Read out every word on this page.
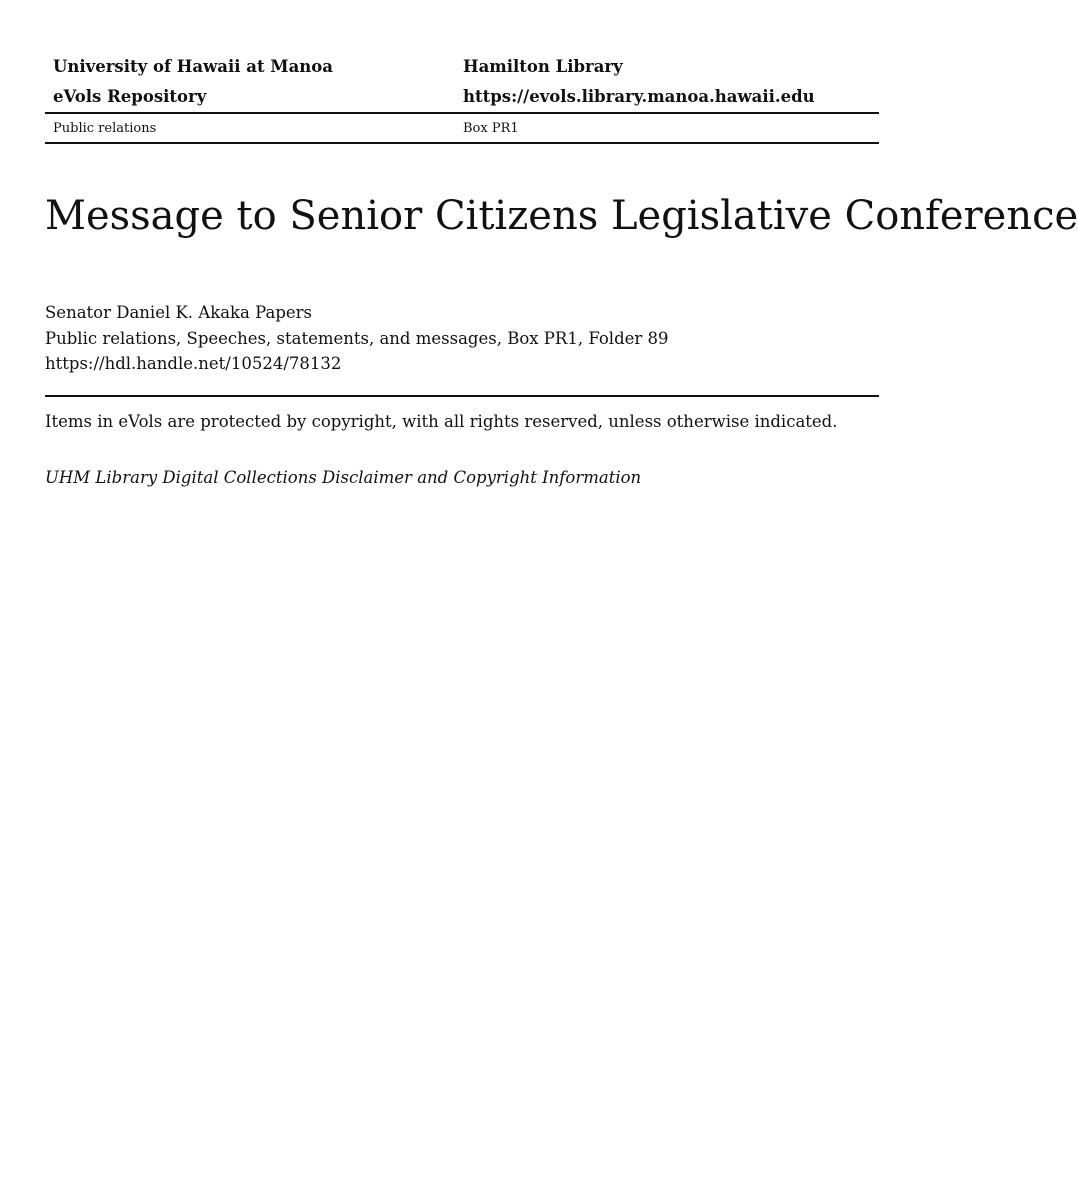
University of Hawaii at Manoa	Hamilton Library
eVols Repository	https://evols.library.manoa.hawaii.edu
Public relations	Box PR1
Message to Senior Citizens Legislative Conference
Senator Daniel K. Akaka Papers
Public relations, Speeches, statements, and messages, Box PR1, Folder 89
https://hdl.handle.net/10524/78132
Items in eVols are protected by copyright, with all rights reserved, unless otherwise indicated.
UHM Library Digital Collections Disclaimer and Copyright Information
